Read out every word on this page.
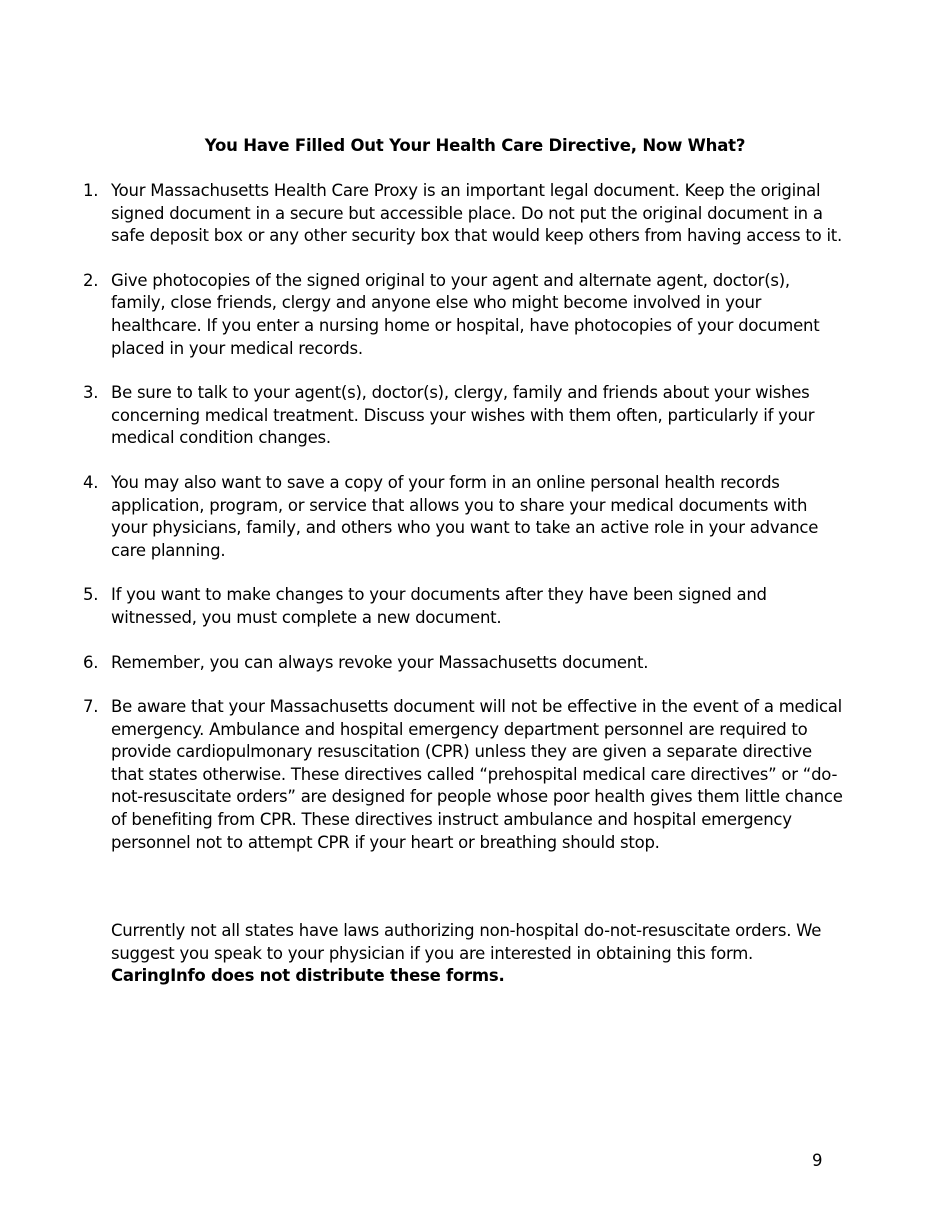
You Have Filled Out Your Health Care Directive, Now What?
1. Your Massachusetts Health Care Proxy is an important legal document. Keep the original signed document in a secure but accessible place. Do not put the original document in a safe deposit box or any other security box that would keep others from having access to it.
2. Give photocopies of the signed original to your agent and alternate agent, doctor(s), family, close friends, clergy and anyone else who might become involved in your healthcare. If you enter a nursing home or hospital, have photocopies of your document placed in your medical records.
3. Be sure to talk to your agent(s), doctor(s), clergy, family and friends about your wishes concerning medical treatment. Discuss your wishes with them often, particularly if your medical condition changes.
4. You may also want to save a copy of your form in an online personal health records application, program, or service that allows you to share your medical documents with your physicians, family, and others who you want to take an active role in your advance care planning.
5. If you want to make changes to your documents after they have been signed and witnessed, you must complete a new document.
6. Remember, you can always revoke your Massachusetts document.
7. Be aware that your Massachusetts document will not be effective in the event of a medical emergency. Ambulance and hospital emergency department personnel are required to provide cardiopulmonary resuscitation (CPR) unless they are given a separate directive that states otherwise. These directives called “prehospital medical care directives” or “do-not-resuscitate orders” are designed for people whose poor health gives them little chance of benefiting from CPR. These directives instruct ambulance and hospital emergency personnel not to attempt CPR if your heart or breathing should stop.
Currently not all states have laws authorizing non-hospital do-not-resuscitate orders. We suggest you speak to your physician if you are interested in obtaining this form. CaringInfo does not distribute these forms.
9
